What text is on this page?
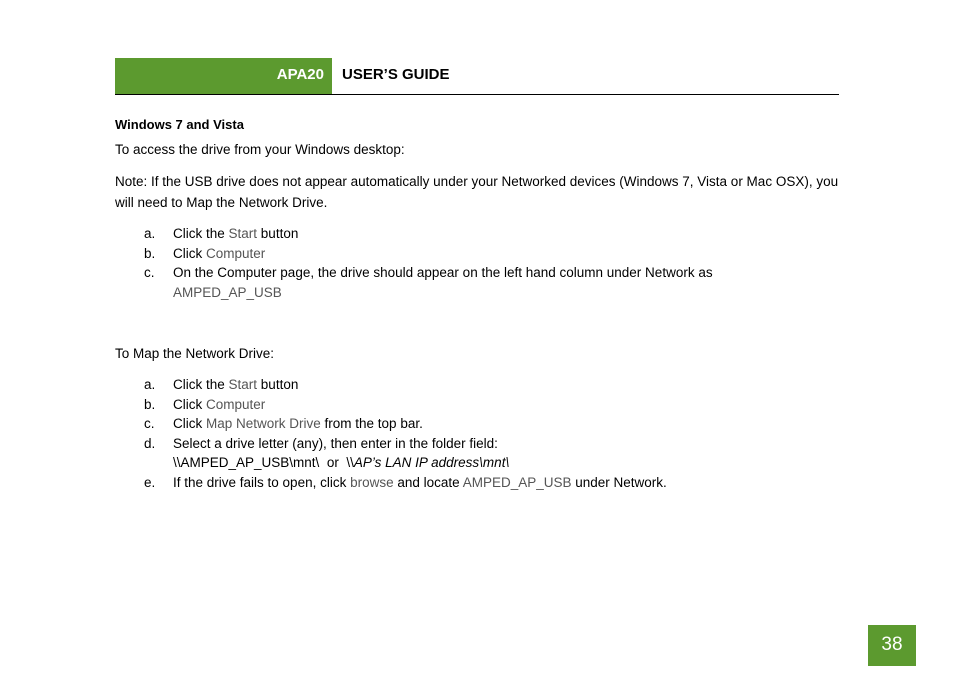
APA20	USER’S GUIDE
Windows 7 and Vista

To access the drive from your Windows desktop:

Note: If the USB drive does not appear automatically under your Networked devices (Windows 7, Vista or Mac OSX), you will need to Map the Network Drive.

a. Click the Start button
b. Click Computer
c. On the Computer page, the drive should appear on the left hand column under Network as
AMPED_AP_USB

To Map the Network Drive:

a. Click the Start button
b. Click Computer
c. Click Map Network Drive from the top bar.
d. Select a drive letter (any), then enter in the folder field:
\\AMPED_AP_USB\mnt\ or \\AP’s LAN IP address\mnt\
e. If the drive fails to open, click browse and locate AMPED_AP_USB under Network.
38
